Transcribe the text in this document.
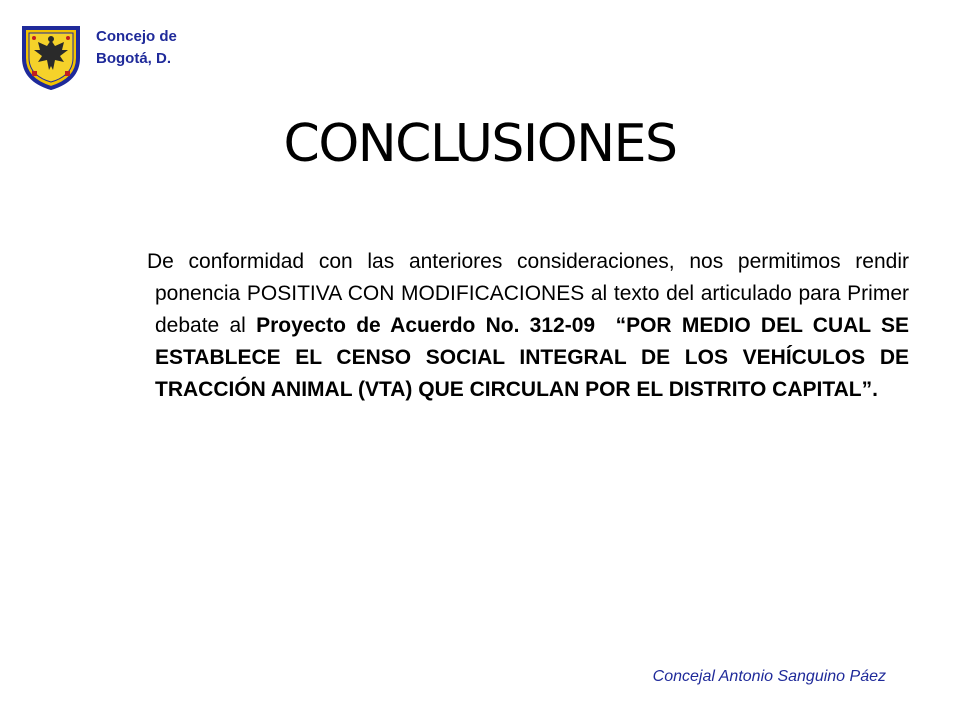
Concejo de
Bogotá, D.
CONCLUSIONES
De conformidad con las anteriores consideraciones, nos permitimos rendir ponencia POSITIVA CON MODIFICACIONES al texto del articulado para Primer debate al Proyecto de Acuerdo No. 312-09 “POR MEDIO DEL CUAL SE ESTABLECE EL CENSO SOCIAL INTEGRAL DE LOS VEHÍCULOS DE TRACCIÓN ANIMAL (VTA) QUE CIRCULAN POR EL DISTRITO CAPITAL”.
Concejal Antonio Sanguino Páez
